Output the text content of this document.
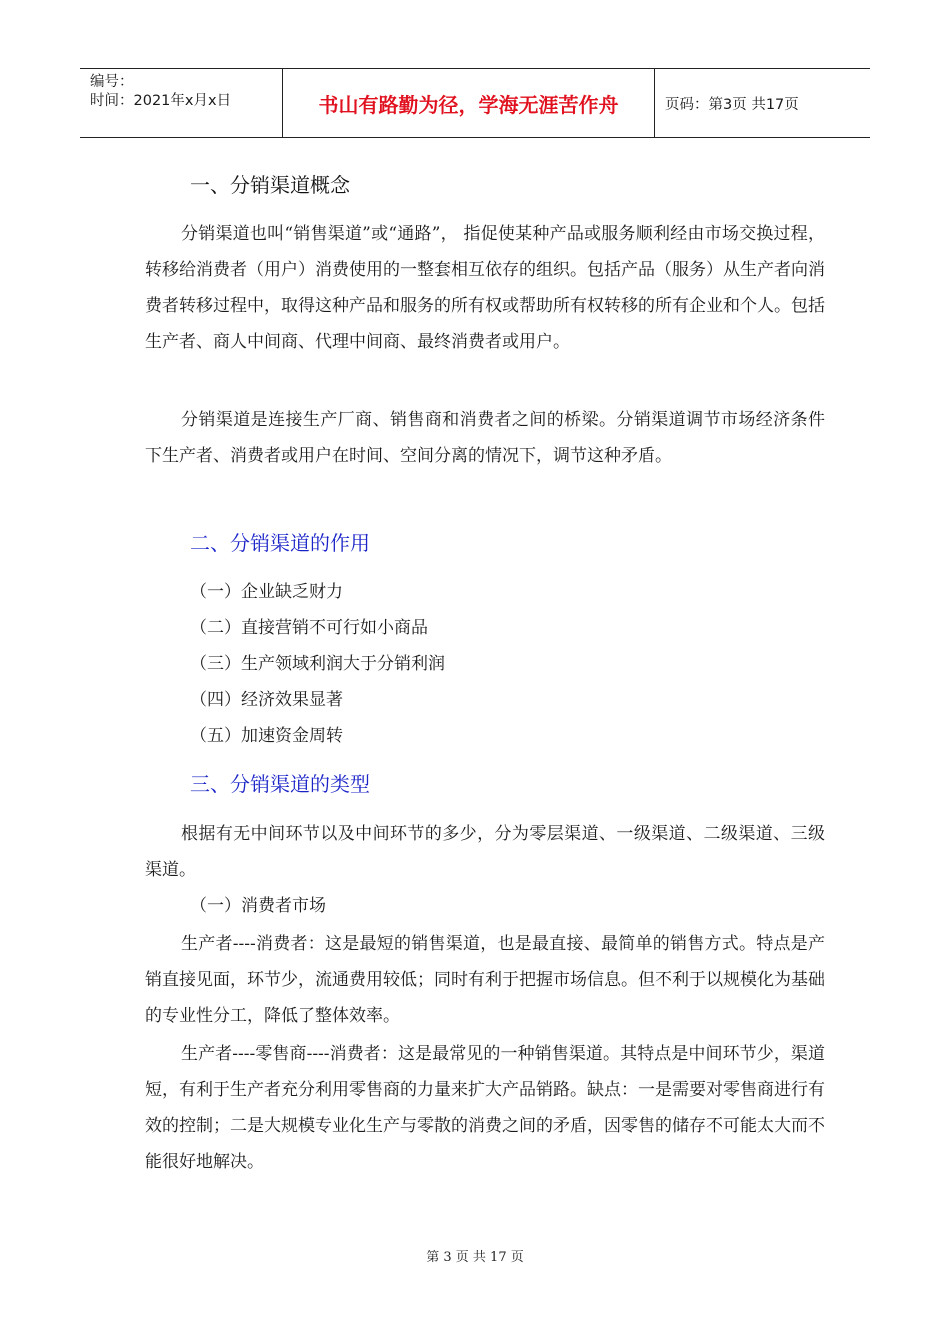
编号：
时间：2021年x月x日	书山有路勤为径，学海无涯苦作舟	页码：第3页 共17页
一、分销渠道概念

分销渠道也叫“销售渠道”或“通路”， 指促使某种产品或服务顺利经由市场交换过程，转移给消费者（用户）消费使用的一整套相互依存的组织。包括产品（服务）从生产者向消费者转移过程中，取得这种产品和服务的所有权或帮助所有权转移的所有企业和个人。包括生产者、商人中间商、代理中间商、最终消费者或用户。

分销渠道是连接生产厂商、销售商和消费者之间的桥梁。分销渠道调节市场经济条件下生产者、消费者或用户在时间、空间分离的情况下，调节这种矛盾。

二、分销渠道的作用
（一）企业缺乏财力
（二）直接营销不可行如小商品
（三）生产领域利润大于分销利润
（四）经济效果显著
（五）加速资金周转
三、分销渠道的类型

根据有无中间环节以及中间环节的多少，分为零层渠道、一级渠道、二级渠道、三级渠道。

（一）消费者市场

生产者----消费者：这是最短的销售渠道，也是最直接、最简单的销售方式。特点是产销直接见面，环节少，流通费用较低；同时有利于把握市场信息。但不利于以规模化为基础的专业性分工，降低了整体效率。

生产者----零售商----消费者：这是最常见的一种销售渠道。其特点是中间环节少，渠道短，有利于生产者充分利用零售商的力量来扩大产品销路。缺点：一是需要对零售商进行有效的控制；二是大规模专业化生产与零散的消费之间的矛盾，因零售的储存不可能太大而不能很好地解决。

第 3 页 共 17 页
